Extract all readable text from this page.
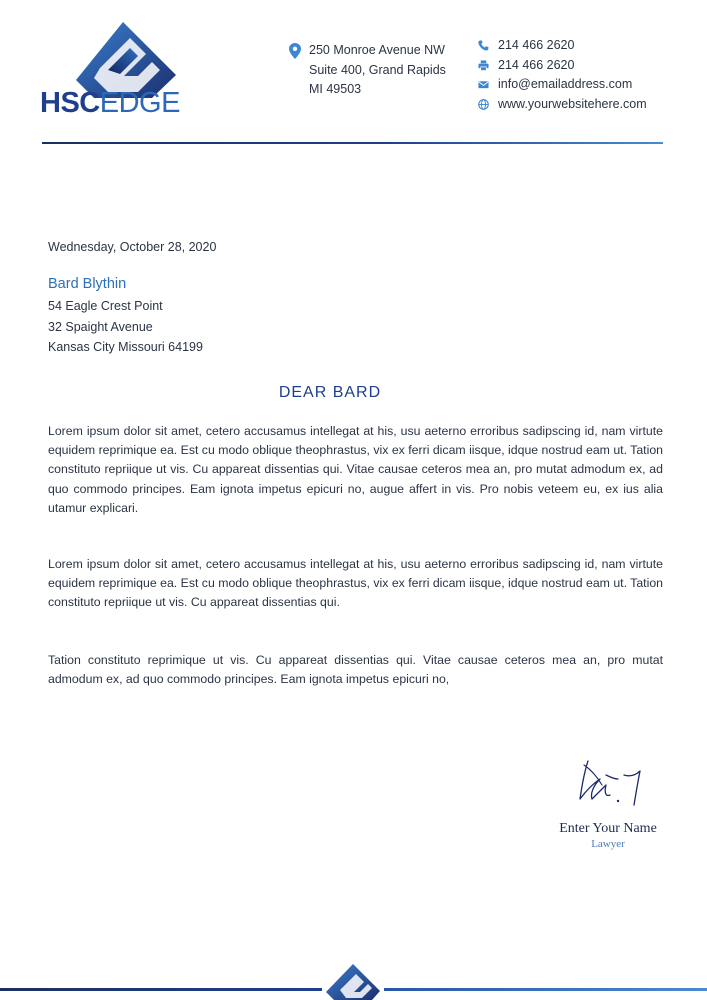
HSCEDGE
250 Monroe Avenue NW
Suite 400, Grand Rapids
MI 49503
214 466 2620
214 466 2620
info@emailaddress.com
www.yourwebsitehere.com
Wednesday, October 28, 2020
Bard Blythin
54 Eagle Crest Point
32 Spaight Avenue
Kansas City Missouri 64199
DEAR BARD

Lorem ipsum dolor sit amet, cetero accusamus intellegat at his, usu aeterno erroribus sadipscing id, nam virtute equidem reprimique ea. Est cu modo oblique theophrastus, vix ex ferri dicam iisque, idque nostrud eam ut. Tation constituto repriique ut vis. Cu appareat dissentias qui. Vitae causae ceteros mea an, pro mutat admodum ex, ad quo commodo principes. Eam ignota impetus epicuri no, augue affert in vis. Pro nobis veteem eu, ex ius alia utamur explicari.

Lorem ipsum dolor sit amet, cetero accusamus intellegat at his, usu aeterno erroribus sadipscing id, nam virtute equidem reprimique ea. Est cu modo oblique theophrastus, vix ex ferri dicam iisque, idque nostrud eam ut. Tation constituto repriique ut vis. Cu appareat dissentias qui.

Tation constituto reprimique ut vis. Cu appareat dissentias qui. Vitae causae ceteros mea an, pro mutat admodum ex, ad quo commodo principes. Eam ignota impetus epicuri no,

Enter Your Name
Lawyer
